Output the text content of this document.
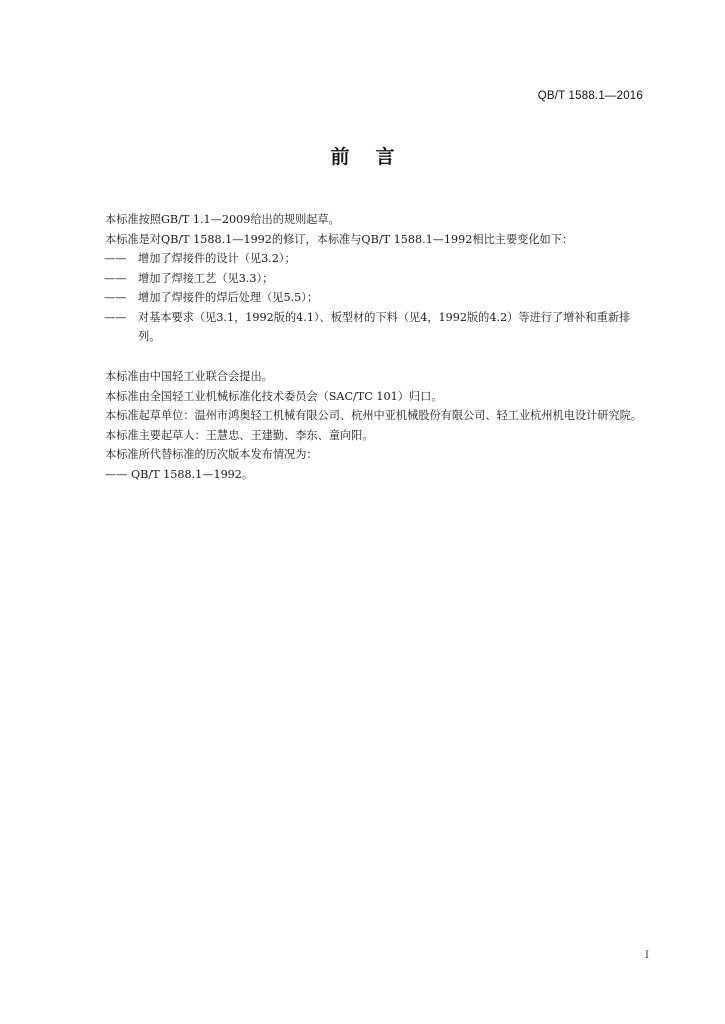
QB/T 1588.1—2016
前言

本标准按照GB/T 1.1—2009给出的规则起草。

本标准是对QB/T 1588.1—1992的修订，本标准与QB/T 1588.1—1992相比主要变化如下：

—— 增加了焊接件的设计（见3.2）；

—— 增加了焊接工艺（见3.3）；

—— 增加了焊接件的焊后处理（见5.5）；

—— 对基本要求（见3.1，1992版的4.1）、板型材的下料（见4，1992版的4.2）等进行了增补和重新排列。

本标准由中国轻工业联合会提出。

本标准由全国轻工业机械标准化技术委员会（SAC/TC 101）归口。

本标准起草单位：温州市鸿奥轻工机械有限公司、杭州中亚机械股份有限公司、轻工业杭州机电设计研究院。

本标准主要起草人：王慧忠、王建勤、李东、童向阳。

本标准所代替标准的历次版本发布情况为：

—— QB/T 1588.1—1992。

I
